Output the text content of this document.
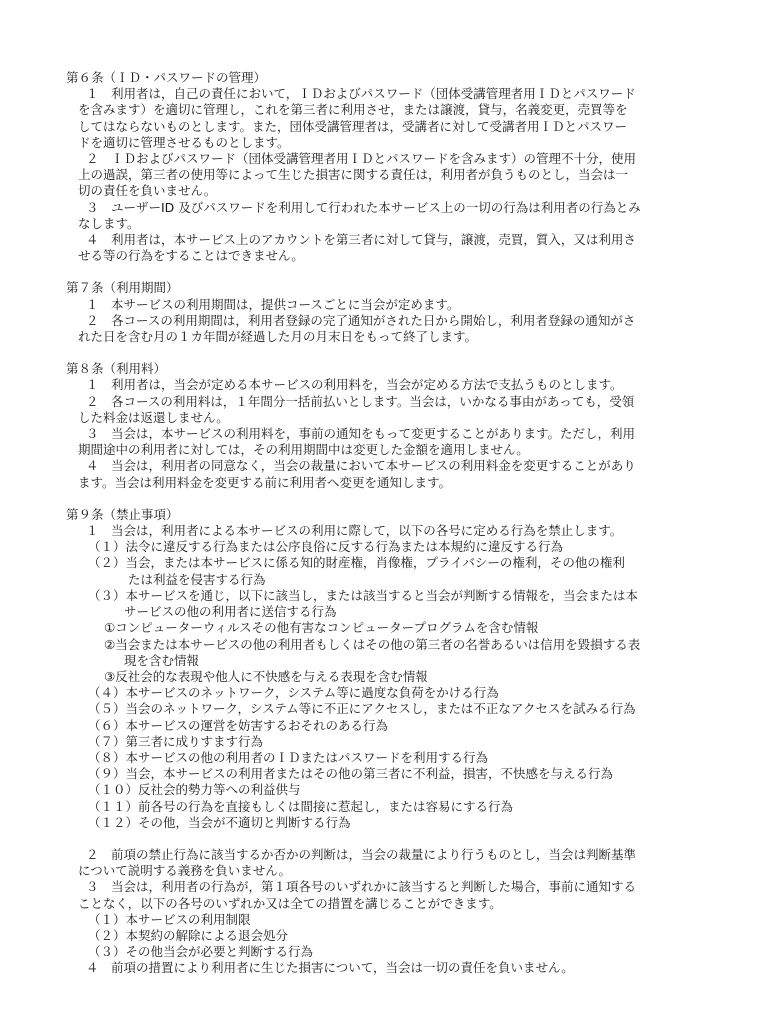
第６条（ＩＤ・パスワードの管理）
１　利用者は，自己の責任において，ＩＤおよびパスワード（団体受講管理者用ＩＤとパスワード
を含みます）を適切に管理し，これを第三者に利用させ，または譲渡，貸与，名義変更，売買等を
してはならないものとします。また，団体受講管理者は，受講者に対して受講者用ＩＤとパスワー
ドを適切に管理させるものとします。
２　ＩＤおよびパスワード（団体受講管理者用ＩＤとパスワードを含みます）の管理不十分，使用
上の過誤，第三者の使用等によって生じた損害に関する責任は，利用者が負うものとし，当会は一
切の責任を負いません。
３　ユーザーID 及びパスワードを利用して行われた本サービス上の一切の行為は利用者の行為とみ
なします。
４　利用者は，本サービス上のアカウントを第三者に対して貸与，譲渡，売買，質入，又は利用さ
せる等の行為をすることはできません。
第７条（利用期間）
１　本サービスの利用期間は，提供コースごとに当会が定めます。
２　各コースの利用期間は，利用者登録の完了通知がされた日から開始し，利用者登録の通知がさ
れた日を含む月の１カ年間が経過した月の月末日をもって終了します。
第８条（利用料）
１　利用者は，当会が定める本サービスの利用料を，当会が定める方法で支払うものとします。
２　各コースの利用料は，１年間分一括前払いとします。当会は，いかなる事由があっても，受領
した料金は返還しません。
３　当会は，本サービスの利用料を，事前の通知をもって変更することがあります。ただし，利用
期間途中の利用者に対しては，その利用期間中は変更した金額を適用しません。
４　当会は，利用者の同意なく，当会の裁量において本サービスの利用料金を変更することがあり
ます。当会は利用料金を変更する前に利用者へ変更を通知します。
第９条（禁止事項）
１　当会は，利用者による本サービスの利用に際して，以下の各号に定める行為を禁止します。
（１）法令に違反する行為または公序良俗に反する行為または本規約に違反する行為
（２）当会，または本サービスに係る知的財産権，肖像権，プライバシーの権利，その他の権利
たは利益を侵害する行為
（３）本サービスを通じ，以下に該当し，または該当すると当会が判断する情報を，当会または本
サービスの他の利用者に送信する行為
①コンピューターウィルスその他有害なコンピュータープログラムを含む情報
②当会または本サービスの他の利用者もしくはその他の第三者の名誉あるいは信用を毀損する表
現を含む情報
③反社会的な表現や他人に不快感を与える表現を含む情報
（４）本サービスのネットワーク，システム等に過度な負荷をかける行為
（５）当会のネットワーク，システム等に不正にアクセスし，または不正なアクセスを試みる行為
（６）本サービスの運営を妨害するおそれのある行為
（７）第三者に成りすます行為
（８）本サービスの他の利用者のＩＤまたはパスワードを利用する行為
（９）当会，本サービスの利用者またはその他の第三者に不利益，損害，不快感を与える行為
（１０）反社会的勢力等への利益供与
（１１）前各号の行為を直接もしくは間接に惹起し，または容易にする行為
（１２）その他，当会が不適切と判断する行為
２　前項の禁止行為に該当するか否かの判断は，当会の裁量により行うものとし，当会は判断基準
について説明する義務を負いません。
３　当会は，利用者の行為が，第１項各号のいずれかに該当すると判断した場合，事前に通知する
ことなく，以下の各号のいずれか又は全ての措置を講じることができます。
（１）本サービスの利用制限
（２）本契約の解除による退会処分
（３）その他当会が必要と判断する行為
４　前項の措置により利用者に生じた損害について，当会は一切の責任を負いません。
